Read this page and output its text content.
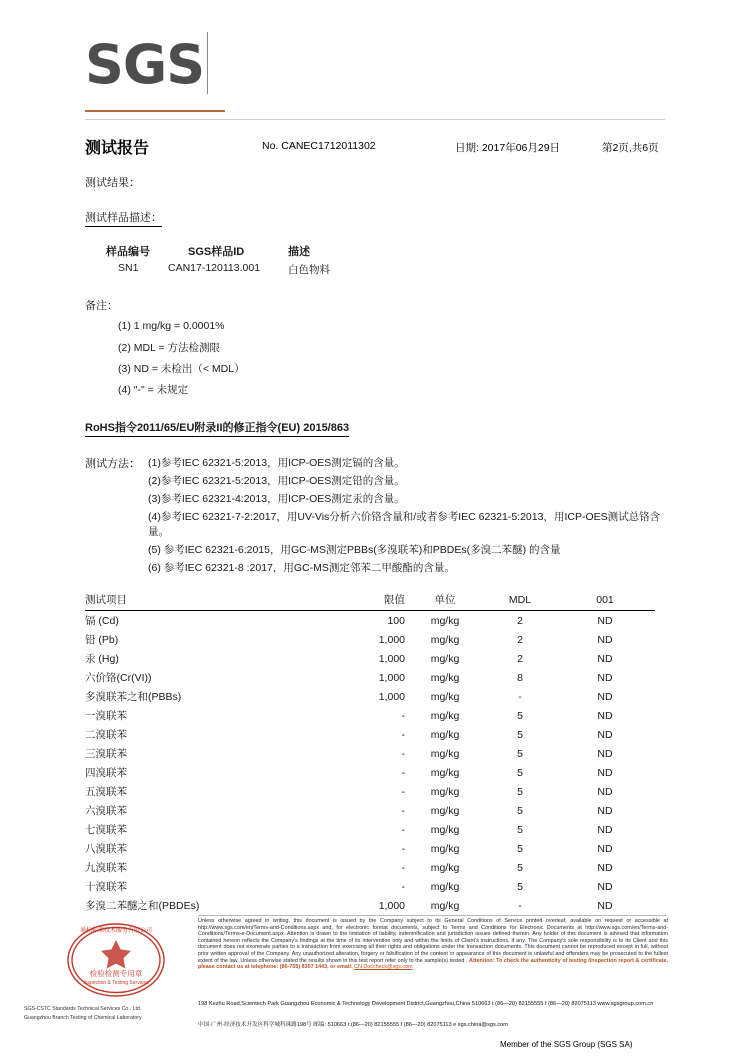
SGS
测试报告	No. CANEC1712011302	日期: 2017年06月29日	第2页,共6页
测试结果：
测试样品描述：
样品编号	SGS样品ID	描述
SN1	CAN17-120113.001	白色物料
备注：
(1) 1 mg/kg = 0.0001%
(2) MDL = 方法检测限
(3) ND = 未检出（< MDL）
(4) "-" = 未规定
RoHS指令2011/65/EU附录II的修正指令(EU) 2015/863
测试方法： (1)参考IEC 62321-5:2013，用ICP-OES测定镉的含量。
(2)参考IEC 62321-5:2013，用ICP-OES测定铅的含量。
(3)参考IEC 62321-4:2013，用ICP-OES测定汞的含量。
(4)参考IEC 62321-7-2:2017，用UV-Vis分析六价铬含量和/或者参考IEC 62321-5:2013，用ICP-OES测试总铬含量。
(5) 参考IEC 62321-6:2015，用GC-MS测定PBBs(多溴联苯)和PBDEs(多溴二苯醚) 的含量
(6) 参考IEC 62321-8 :2017，用GC-MS测定邻苯二甲酸酯的含量。
测试项目	限值	单位	MDL	001
镉 (Cd)	100	mg/kg	2	ND
铅 (Pb)	1,000	mg/kg	2	ND
汞 (Hg)	1,000	mg/kg	2	ND
六价铬(Cr(VI))	1,000	mg/kg	8	ND
多溴联苯之和(PBBs)	1,000	mg/kg	-	ND
一溴联苯	-	mg/kg	5	ND
二溴联苯	-	mg/kg	5	ND
三溴联苯	-	mg/kg	5	ND
四溴联苯	-	mg/kg	5	ND
五溴联苯	-	mg/kg	5	ND
六溴联苯	-	mg/kg	5	ND
七溴联苯	-	mg/kg	5	ND
八溴联苯	-	mg/kg	5	ND
九溴联苯	-	mg/kg	5	ND
十溴联苯	-	mg/kg	5	ND
多溴二苯醚之和(PBDEs)	1,000	mg/kg	-	ND
Unless otherwise agreed in writing, this document is issued by the Company subject to its General Conditions of Service printed overleaf, available on request or accessible at http://www.sgs.com/en/Terms-and-Conditions.aspx and, for electronic format documents, subject to Terms and Conditions for Electronic Documents at http://www.sgs.com/en/Terms-and-Conditions/Terms-e-Document.aspx. Attention is drawn to the limitation of liability, indemnification and jurisdiction issues defined therein. Any holder of this document is advised that information contained hereon reflects the Company's findings at the time of its intervention only and within the limits of Client's instructions, if any. The Company's sole responsibility is to its Client and this document does not exonerate parties to a transaction from exercising all their rights and obligations under the transaction documents. This document cannot be reproduced except in full, without prior written approval of the Company. Any unauthorized alteration, forgery or falsification of the content or appearance of this document is unlawful and offenders may be prosecuted to the fullest extent of the law. Unless otherwise stated the results shown in this test report refer only to the sample(s) tested . Attention: To check the authenticity of testing /inspection report & certificate, please contact us at telephone: (86-755) 8307 1443, or email: CN.Doccheck@sgs.com
198 Kezhu Road,Scientech Park Guangzhou Economic & Technology Development District,Guangzhou,China 510663 t (86—20) 82155555 f (86—20) 82075113 www.sgsgroup.com.cn
中国·广州·经济技术开发区科学城科珠路198号 邮编: 510663 t (86—20) 82155555 f (86—20) 82075113 e sgs.china@sgs.com
SGS-CSTC Standards Technical Services Co., Ltd.
Guangzhou Branch Testing of Chemical Laboratory
Member of the SGS Group (SGS SA)
检验检测专用章
Inspection & Testing Services
通标标准技术服务有限公司
